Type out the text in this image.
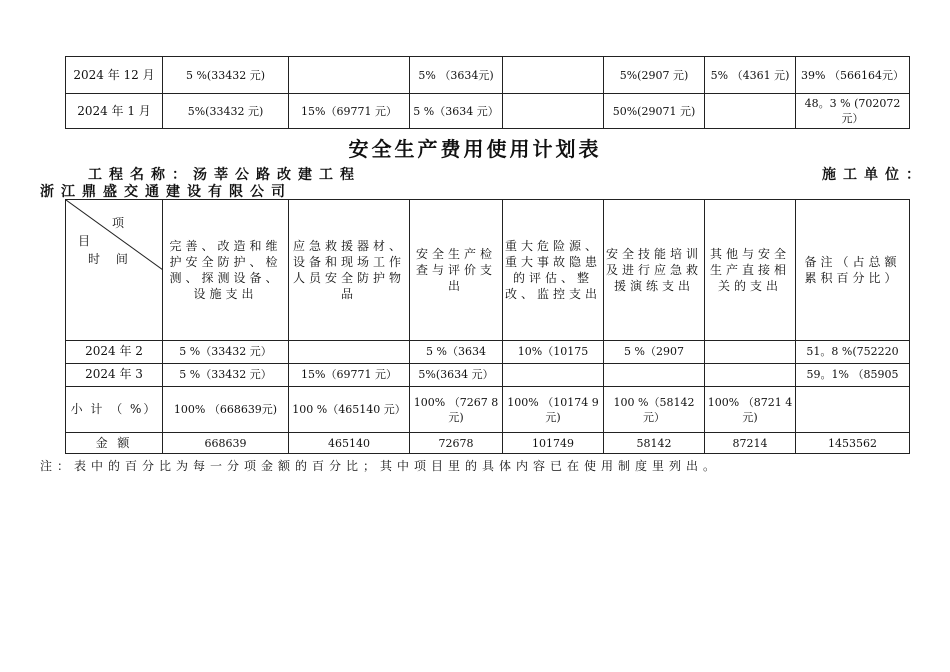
2024 年 12 月	5 %(33432 元)		5% （3634元)		5%(2907 元)	5% （4361 元)	39% （566164元）
2024 年 1 月	5%(33432 元)	15%（69771 元）	5 %（3634 元）		50%(29071 元)		48。3 % (702072 元）
安全生产费用使用计划表
工程名称：汤莘公路改建工程	施工单位：
浙江鼎盛交通建设有限公司
项
目
时 间	完善、改造和维护安全防护、检测、探测设备、设施支出	应急救援器材、设备和现场工作人员安全防护物品	安全生产检查与评价支出	重大危险源、重大事故隐患的评估、整改、监控支出	安全技能培训及进行应急救援演练支出	其他与安全生产直接相关的支出	备注（占总额累积百分比）
2024 年 2	5 %（33432 元）		5 %（3634	10%（10175	5 %（2907		51。8 %(752220
2024 年 3	5 %（33432 元）	15%（69771 元）	5%(3634 元）				59。1% （85905
小 计 （ %）	100% （668639元)	100 %（465140 元）	100% （7267 8 元)	100% （10174 9 元)	100 %（58142 元）	100% （8721 4 元)	
金 额	668639	465140	72678	101749	58142	87214	1453562
注：表中的百分比为每一分项金额的百分比；其中项目里的具体内容已在使用制度里列出。
